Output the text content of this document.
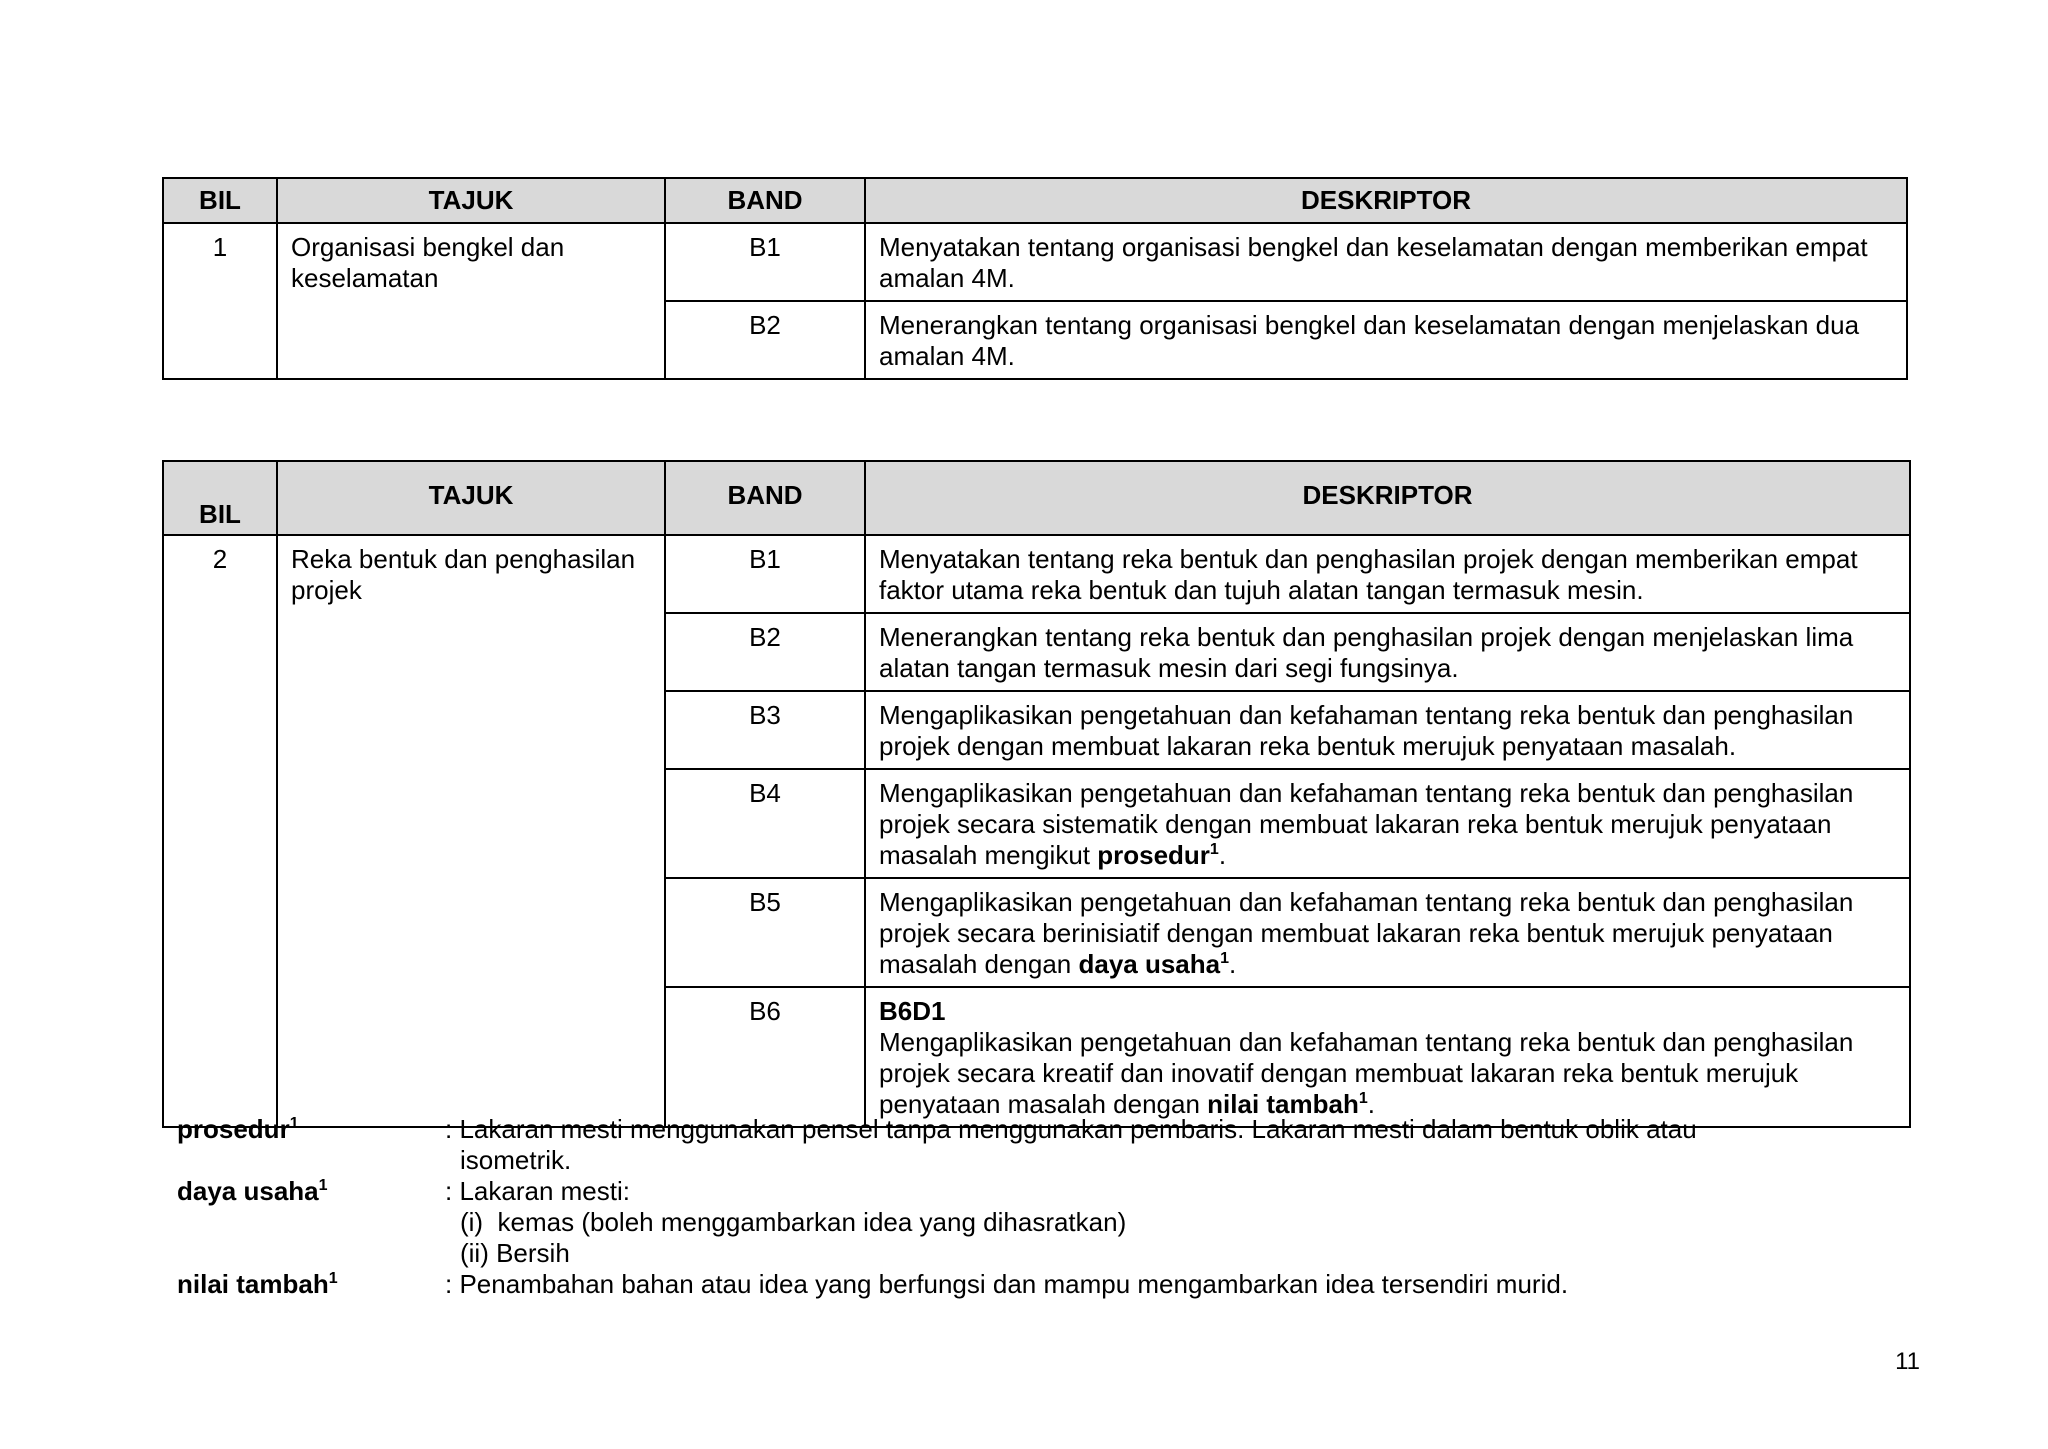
BIL	TAJUK	BAND	DESKRIPTOR

1	Organisasi bengkel dan keselamatan	B1	Menyatakan tentang organisasi bengkel dan keselamatan dengan memberikan empat amalan 4M.

		B2	Menerangkan tentang organisasi bengkel dan keselamatan dengan menjelaskan dua amalan 4M.
BIL	TAJUK	BAND	DESKRIPTOR

2	Reka bentuk dan penghasilan projek	B1	Menyatakan tentang reka bentuk dan penghasilan projek dengan memberikan empat faktor utama reka bentuk dan tujuh alatan tangan termasuk mesin.

		B2	Menerangkan tentang reka bentuk dan penghasilan projek dengan menjelaskan lima alatan tangan termasuk mesin dari segi fungsinya.

		B3	Mengaplikasikan pengetahuan dan kefahaman tentang reka bentuk dan penghasilan projek dengan membuat lakaran reka bentuk merujuk penyataan masalah.

		B4	Mengaplikasikan pengetahuan dan kefahaman tentang reka bentuk dan penghasilan projek secara sistematik dengan membuat lakaran reka bentuk merujuk penyataan masalah mengikut prosedur$^1$.

		B5	Mengaplikasikan pengetahuan dan kefahaman tentang reka bentuk dan penghasilan projek secara berinisiatif dengan membuat lakaran reka bentuk merujuk penyataan masalah dengan daya usaha$^1$.

		B6	B6D1
Mengaplikasikan pengetahuan dan kefahaman tentang reka bentuk dan penghasilan projek secara kreatif dan inovatif dengan membuat lakaran reka bentuk merujuk penyataan masalah dengan nilai tambah$^1$.
prosedur$^1$	: Lakaran mesti menggunakan pensel tanpa menggunakan pembaris. Lakaran mesti dalam bentuk oblik atau
isometrik.
daya usaha$^1$	: Lakaran mesti:
(i)  kemas (boleh menggambarkan idea yang dihasratkan)
(ii) Bersih
nilai tambah$^1$	: Penambahan bahan atau idea yang berfungsi dan mampu mengambarkan idea tersendiri murid.
11
